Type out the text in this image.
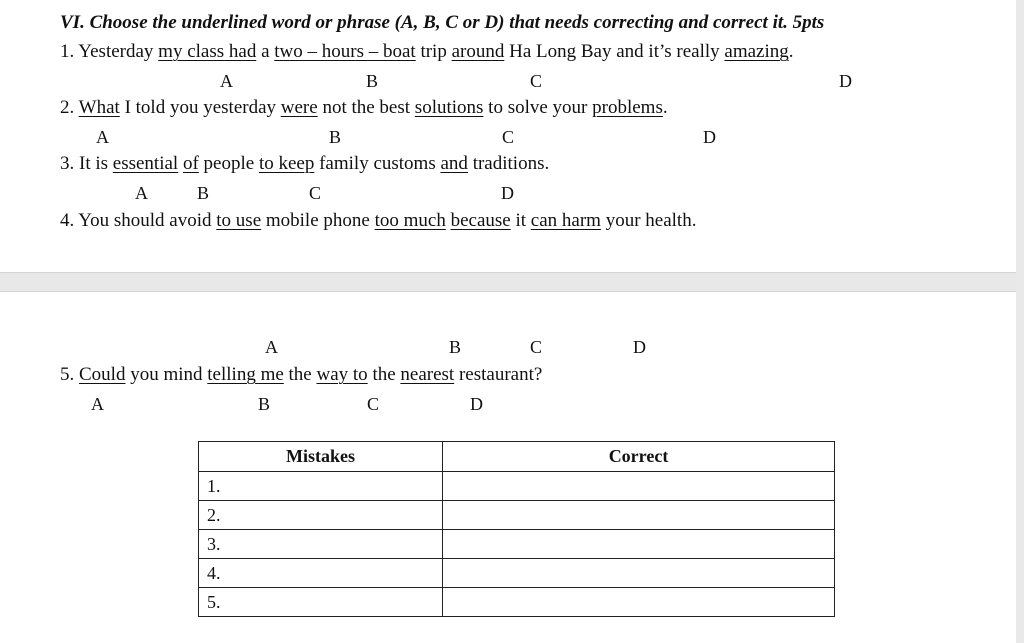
VI. Choose the underlined word or phrase (A, B, C or D) that needs correcting and correct it. 5pts
1. Yesterday my class had a two – hours – boat trip around Ha Long Bay and it’s really amazing.
A	B	C	D
2. What I told you yesterday were not the best solutions to solve your problems.
A	B	C	D
3. It is essential of people to keep family customs and traditions.
A	B	C	D
4. You should avoid to use mobile phone too much because it can harm your health.
A	B	C	D
5. Could you mind telling me the way to the nearest restaurant?
A	B	C	D
Mistakes	Correct
1.	
2.	
3.	
4.	
5.	
